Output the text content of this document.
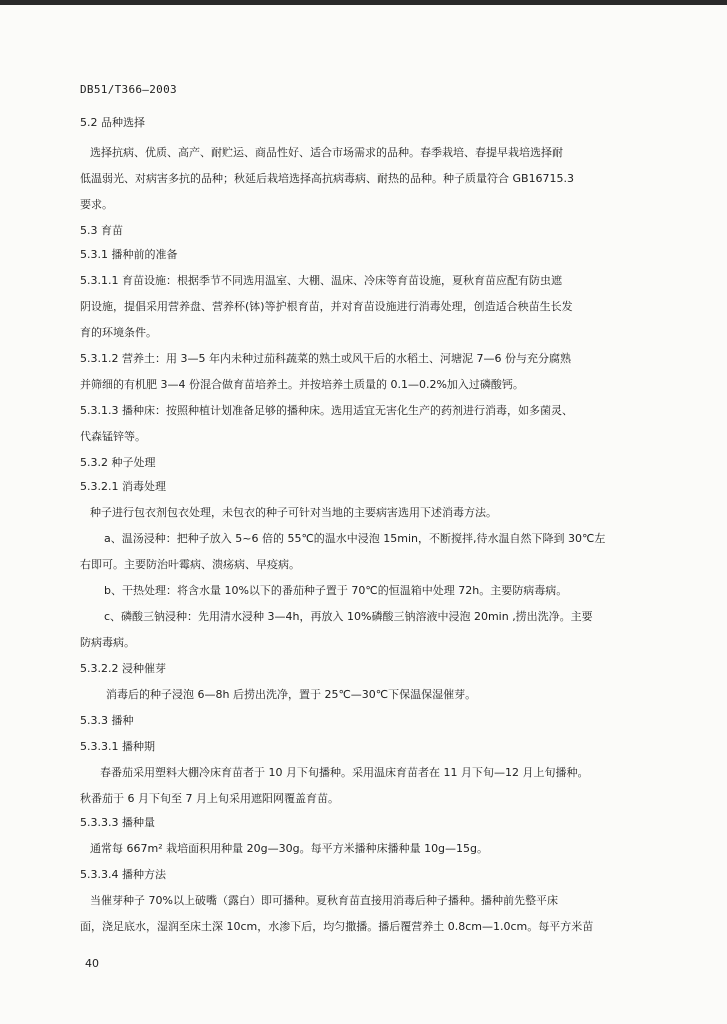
DB51/T366—2003
5.2 品种选择
选择抗病、优质、高产、耐贮运、商品性好、适合市场需求的品种。春季栽培、春提早栽培选择耐
低温弱光、对病害多抗的品种；秋延后栽培选择高抗病毒病、耐热的品种。种子质量符合 GB16715.3
要求。
5.3 育苗
5.3.1 播种前的准备
5.3.1.1 育苗设施：根据季节不同选用温室、大棚、温床、冷床等育苗设施，夏秋育苗应配有防虫遮
阴设施，提倡采用营养盘、营养杯(钵)等护根育苗，并对育苗设施进行消毒处理，创造适合秧苗生长发
育的环境条件。
5.3.1.2 营养土：用 3—5 年内未种过茄科蔬菜的熟土或风干后的水稻土、河塘泥 7—6 份与充分腐熟
并筛细的有机肥 3—4 份混合做育苗培养土。并按培养土质量的 0.1—0.2%加入过磷酸钙。
5.3.1.3 播种床：按照种植计划准备足够的播种床。选用适宜无害化生产的药剂进行消毒，如多菌灵、
代森锰锌等。
5.3.2 种子处理
5.3.2.1 消毒处理
种子进行包衣剂包衣处理，未包衣的种子可针对当地的主要病害选用下述消毒方法。
a、温汤浸种：把种子放入 5~6 倍的 55℃的温水中浸泡 15min，不断搅拌,待水温自然下降到 30℃左
右即可。主要防治叶霉病、溃疡病、早疫病。
b、干热处理：将含水量 10%以下的番茄种子置于 70℃的恒温箱中处理 72h。主要防病毒病。
c、磷酸三钠浸种：先用清水浸种 3—4h，再放入 10%磷酸三钠溶液中浸泡 20min ,捞出洗净。主要
防病毒病。
5.3.2.2 浸种催芽
消毒后的种子浸泡 6—8h 后捞出洗净，置于 25℃—30℃下保温保湿催芽。
5.3.3 播种
5.3.3.1 播种期
春番茄采用塑料大棚冷床育苗者于 10 月下旬播种。采用温床育苗者在 11 月下旬—12 月上旬播种。
秋番茄于 6 月下旬至 7 月上旬采用遮阳网覆盖育苗。
5.3.3.3 播种量
通常每 667m² 栽培面积用种量 20g—30g。每平方米播种床播种量 10g—15g。
5.3.3.4 播种方法
当催芽种子 70%以上破嘴（露白）即可播种。夏秋育苗直接用消毒后种子播种。播种前先整平床
面，浇足底水，湿润至床土深 10cm，水渗下后，均匀撒播。播后覆营养土 0.8cm—1.0cm。每平方米苗
40
